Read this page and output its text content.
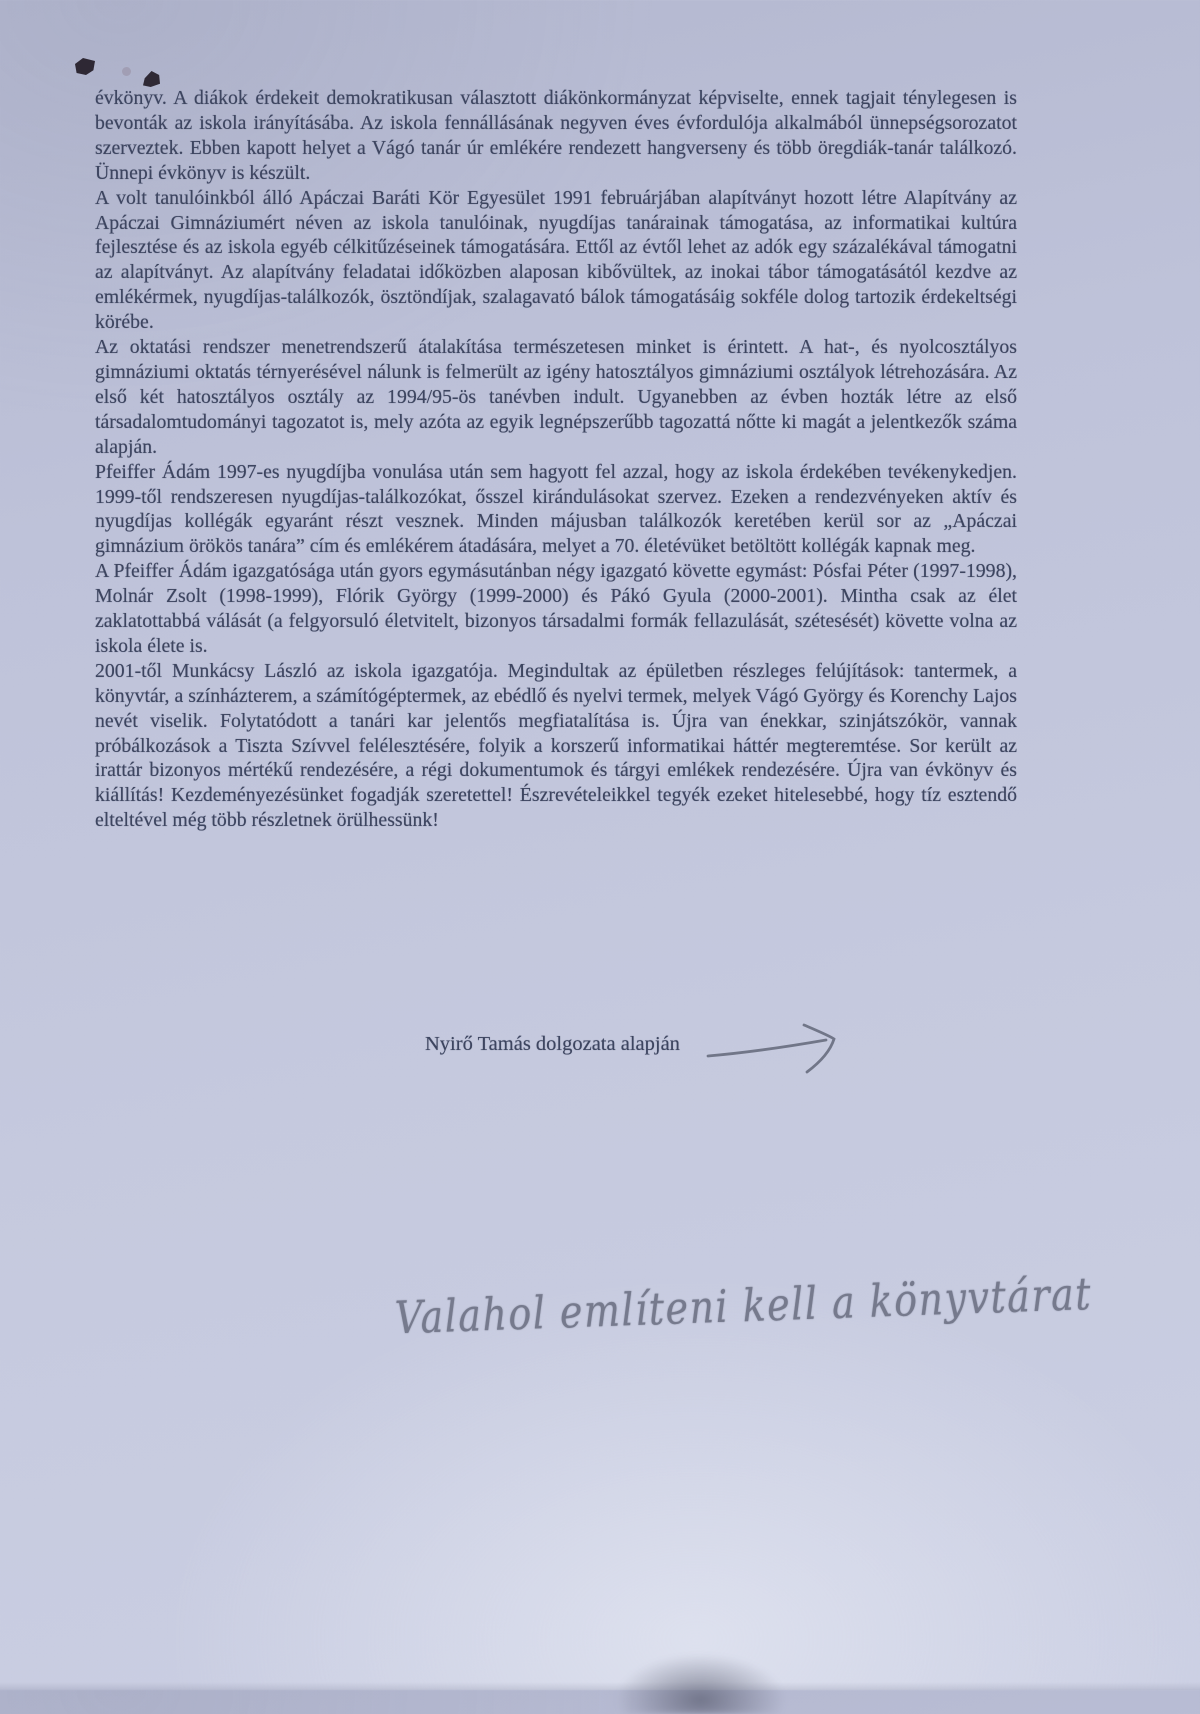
évkönyv. A diákok érdekeit demokratikusan választott diákönkormányzat képviselte, ennek tagjait ténylegesen is bevonták az iskola irányításába. Az iskola fennállásának negyven éves évfordulója alkalmából ünnepségsorozatot szerveztek. Ebben kapott helyet a Vágó tanár úr emlékére rendezett hangverseny és több öregdiák-tanár találkozó. Ünnepi évkönyv is készült.

A volt tanulóinkból álló Apáczai Baráti Kör Egyesület 1991 februárjában alapítványt hozott létre Alapítvány az Apáczai Gimnáziumért néven az iskola tanulóinak, nyugdíjas tanárainak támogatása, az informatikai kultúra fejlesztése és az iskola egyéb célkitűzéseinek támogatására. Ettől az évtől lehet az adók egy százalékával támogatni az alapítványt. Az alapítvány feladatai időközben alaposan kibővültek, az inokai tábor támogatásától kezdve az emlékérmek, nyugdíjas-találkozók, ösztöndíjak, szalagavató bálok támogatásáig sokféle dolog tartozik érdekeltségi körébe.

Az oktatási rendszer menetrendszerű átalakítása természetesen minket is érintett. A hat-, és nyolcosztályos gimnáziumi oktatás térnyerésével nálunk is felmerült az igény hatosztályos gimnáziumi osztályok létrehozására. Az első két hatosztályos osztály az 1994/95-ös tanévben indult. Ugyanebben az évben hozták létre az első társadalomtudományi tagozatot is, mely azóta az egyik legnépszerűbb tagozattá nőtte ki magát a jelentkezők száma alapján.

Pfeiffer Ádám 1997-es nyugdíjba vonulása után sem hagyott fel azzal, hogy az iskola érdekében tevékenykedjen. 1999-től rendszeresen nyugdíjas-találkozókat, ősszel kirándulásokat szervez. Ezeken a rendezvényeken aktív és nyugdíjas kollégák egyaránt részt vesznek. Minden májusban találkozók keretében kerül sor az „Apáczai gimnázium örökös tanára” cím és emlékérem átadására, melyet a 70. életévüket betöltött kollégák kapnak meg.

A Pfeiffer Ádám igazgatósága után gyors egymásutánban négy igazgató követte egymást: Pósfai Péter (1997-1998), Molnár Zsolt (1998-1999), Flórik György (1999-2000) és Pákó Gyula (2000-2001). Mintha csak az élet zaklatottabbá válását (a felgyorsuló életvitelt, bizonyos társadalmi formák fellazulását, szétesését) követte volna az iskola élete is.

2001-től Munkácsy László az iskola igazgatója. Megindultak az épületben részleges felújítások: tantermek, a könyvtár, a színházterem, a számítógéptermek, az ebédlő és nyelvi termek, melyek Vágó György és Korenchy Lajos nevét viselik. Folytatódott a tanári kar jelentős megfiatalítása is. Újra van énekkar, szinjátszókör, vannak próbálkozások a Tiszta Szívvel felélesztésére, folyik a korszerű informatikai háttér megteremtése. Sor került az irattár bizonyos mértékű rendezésére, a régi dokumentumok és tárgyi emlékek rendezésére. Újra van évkönyv és kiállítás! Kezdeményezésünket fogadják szeretettel! Észrevételeikkel tegyék ezeket hitelesebbé, hogy tíz esztendő elteltével még több részletnek örülhessünk!

Nyirő Tamás dolgozata alapján
Valahol említeni kell a könyvtárat
